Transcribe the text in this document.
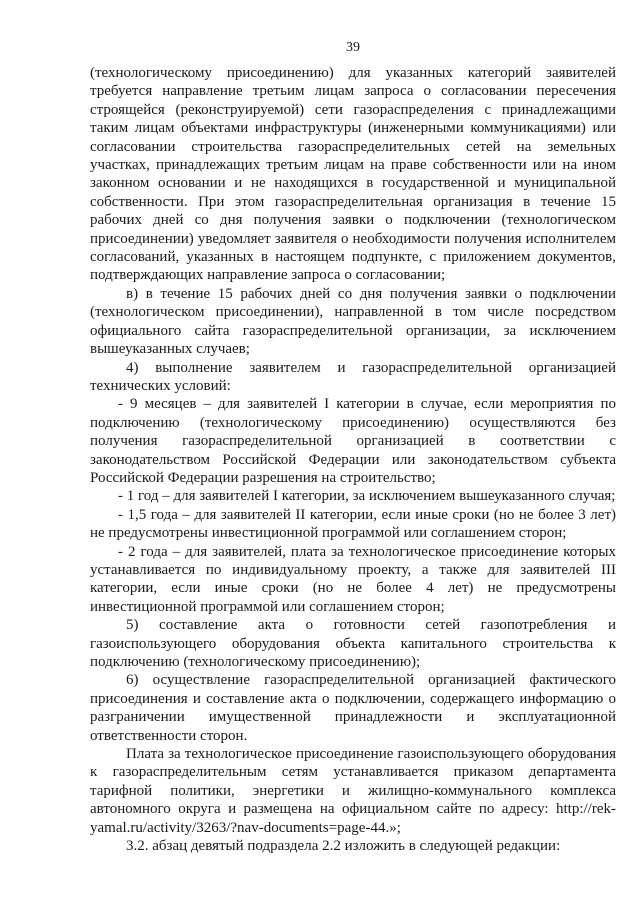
39

(технологическому присоединению) для указанных категорий заявителей требуется направление третьим лицам запроса о согласовании пересечения строящейся (реконструируемой) сети газораспределения с принадлежащими таким лицам объектами инфраструктуры (инженерными коммуникациями) или согласовании строительства газораспределительных сетей на земельных участках, принадлежащих третьим лицам на праве собственности или на ином законном основании и не находящихся в государственной и муниципальной собственности. При этом газораспределительная организация в течение 15 рабочих дней со дня получения заявки о подключении (технологическом присоединении) уведомляет заявителя о необходимости получения исполнителем согласований, указанных в настоящем подпункте, с приложением документов, подтверждающих направление запроса о согласовании;

в) в течение 15 рабочих дней со дня получения заявки о подключении (технологическом присоединении), направленной в том числе посредством официального сайта газораспределительной организации, за исключением вышеуказанных случаев;

4) выполнение заявителем и газораспределительной организацией технических условий:

- 9 месяцев – для заявителей I категории в случае, если мероприятия по подключению (технологическому присоединению) осуществляются без получения газораспределительной организацией в соответствии с законодательством Российской Федерации или законодательством субъекта Российской Федерации разрешения на строительство;

- 1 год – для заявителей I категории, за исключением вышеуказанного случая;

- 1,5 года – для заявителей II категории, если иные сроки (но не более 3 лет) не предусмотрены инвестиционной программой или соглашением сторон;

- 2 года – для заявителей, плата за технологическое присоединение которых устанавливается по индивидуальному проекту, а также для заявителей III категории, если иные сроки (но не более 4 лет) не предусмотрены инвестиционной программой или соглашением сторон;

5) составление акта о готовности сетей газопотребления и газоиспользующего оборудования объекта капитального строительства к подключению (технологическому присоединению);

6) осуществление газораспределительной организацией фактического присоединения и составление акта о подключении, содержащего информацию о разграничении имущественной принадлежности и эксплуатационной ответственности сторон.

Плата за технологическое присоединение газоиспользующего оборудования к газораспределительным сетям устанавливается приказом департамента тарифной политики, энергетики и жилищно-коммунального комплекса автономного округа и размещена на официальном сайте по адресу: http://rek-yamal.ru/activity/3263/?nav-documents=page-44.»;

3.2. абзац девятый подраздела 2.2 изложить в следующей редакции:
